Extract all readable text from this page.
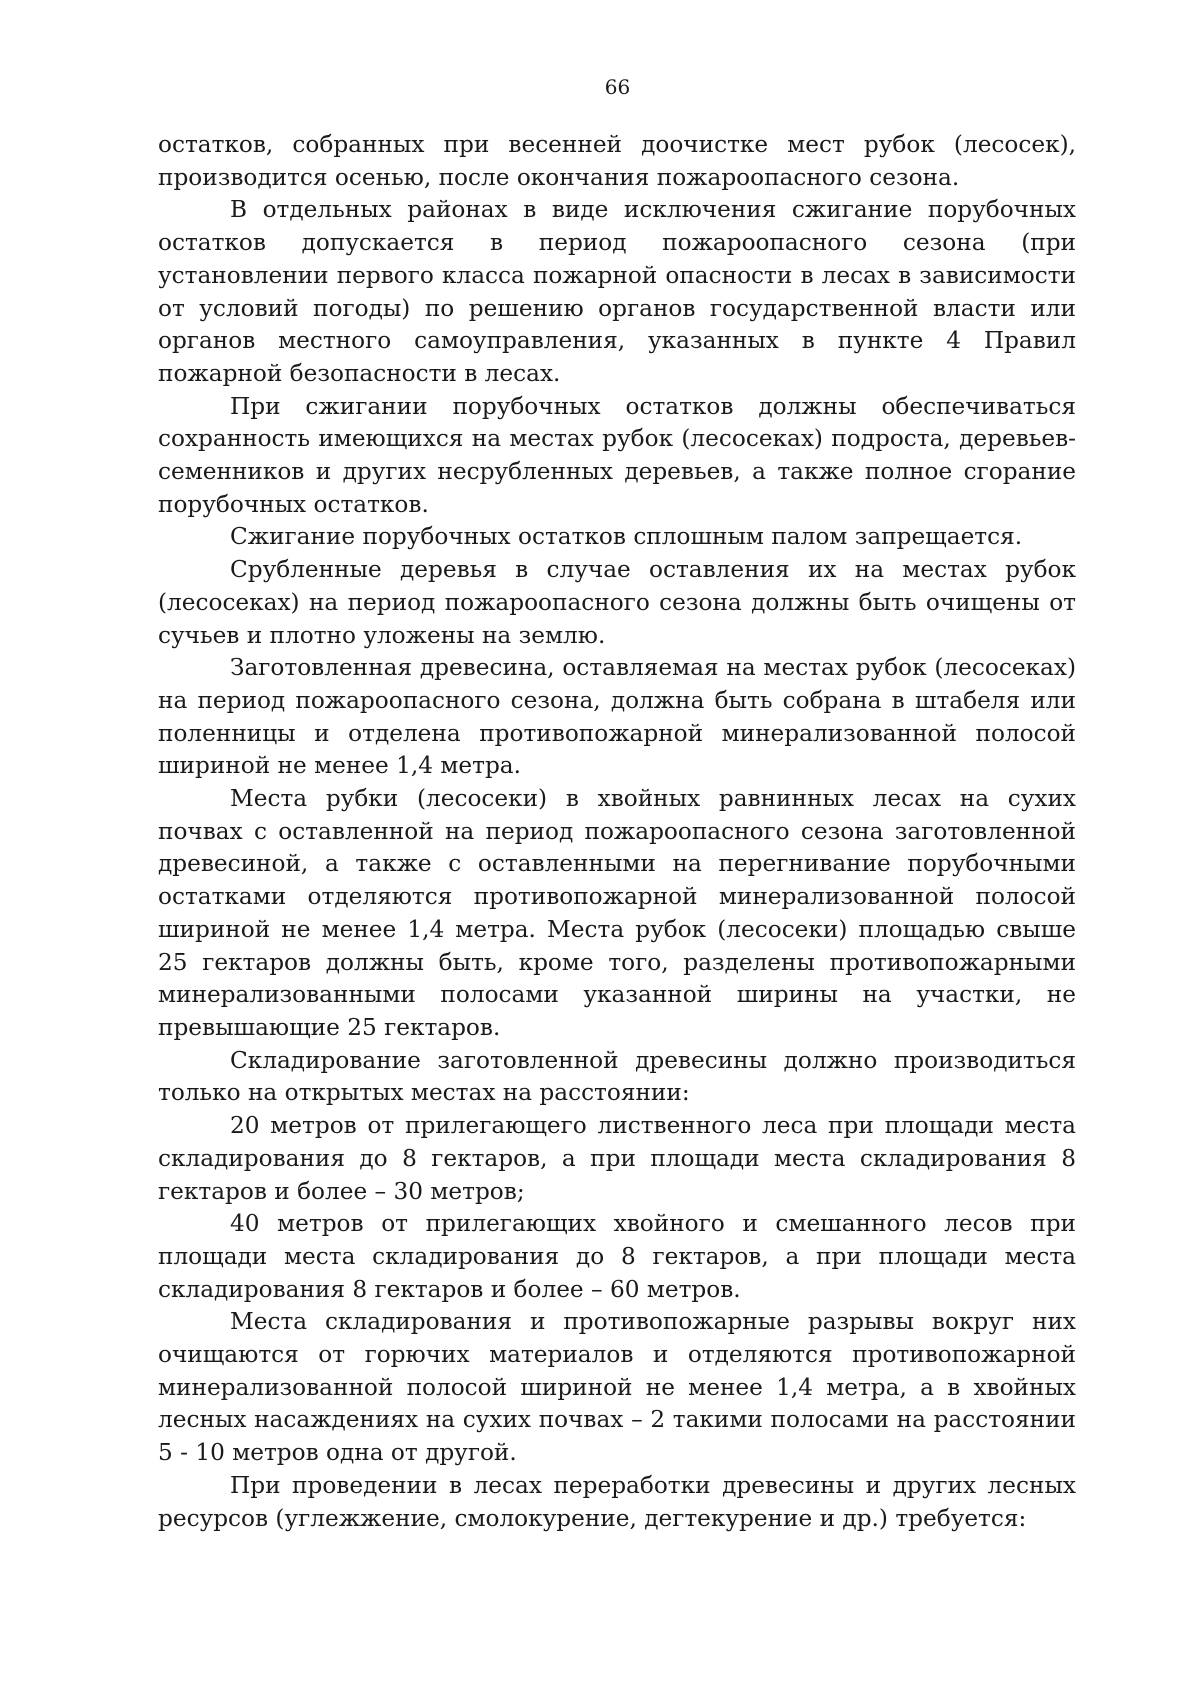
66

остатков, собранных при весенней доочистке мест рубок (лесосек), производится осенью, после окончания пожароопасного сезона.

В отдельных районах в виде исключения сжигание порубочных остатков допускается в период пожароопасного сезона (при установлении первого класса пожарной опасности в лесах в зависимости от условий погоды) по решению органов государственной власти или органов местного самоуправления, указанных в пункте 4 Правил пожарной безопасности в лесах.

При сжигании порубочных остатков должны обеспечиваться сохранность имеющихся на местах рубок (лесосеках) подроста, деревьев-семенников и других несрубленных деревьев, а также полное сгорание порубочных остатков.

Сжигание порубочных остатков сплошным палом запрещается.

Срубленные деревья в случае оставления их на местах рубок (лесосеках) на период пожароопасного сезона должны быть очищены от сучьев и плотно уложены на землю.

Заготовленная древесина, оставляемая на местах рубок (лесосеках) на период пожароопасного сезона, должна быть собрана в штабеля или поленницы и отделена противопожарной минерализованной полосой шириной не менее 1,4 метра.

Места рубки (лесосеки) в хвойных равнинных лесах на сухих почвах с оставленной на период пожароопасного сезона заготовленной древесиной, а также с оставленными на перегнивание порубочными остатками отделяются противопожарной минерализованной полосой шириной не менее 1,4 метра. Места рубок (лесосеки) площадью свыше 25 гектаров должны быть, кроме того, разделены противопожарными минерализованными полосами указанной ширины на участки, не превышающие 25 гектаров.

Складирование заготовленной древесины должно производиться только на открытых местах на расстоянии:

20 метров от прилегающего лиственного леса при площади места складирования до 8 гектаров, а при площади места складирования 8 гектаров и более – 30 метров;

40 метров от прилегающих хвойного и смешанного лесов при площади места складирования до 8 гектаров, а при площади места складирования 8 гектаров и более – 60 метров.

Места складирования и противопожарные разрывы вокруг них очищаются от горючих материалов и отделяются противопожарной минерализованной полосой шириной не менее 1,4 метра, а в хвойных лесных насаждениях на сухих почвах – 2 такими полосами на расстоянии 5 - 10 метров одна от другой.

При проведении в лесах переработки древесины и других лесных ресурсов (углежжение, смолокурение, дегтекурение и др.) требуется:
